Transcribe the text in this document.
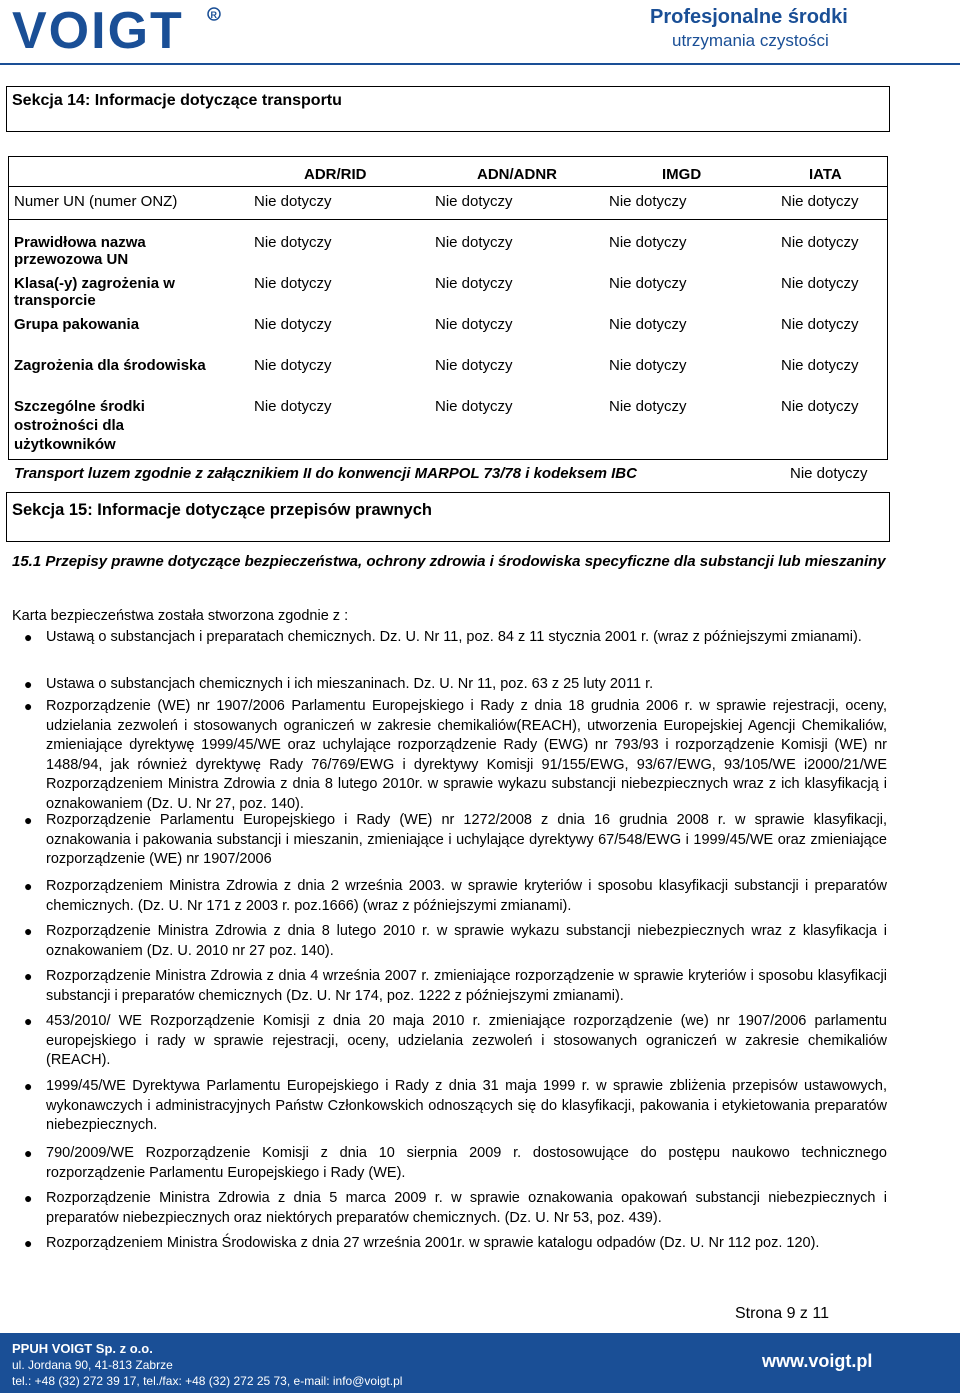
VOIGT	R	Profesjonalne środki
utrzymania czystości
Sekcja 14: Informacje dotyczące transportu
ADR/RID	ADN/ADNR	IMGD	IATA
Numer UN (numer ONZ)	Nie dotyczy	Nie dotyczy	Nie dotyczy	Nie dotyczy
Prawidłowa nazwa
przewozowa UN
Nie dotyczy	Nie dotyczy	Nie dotyczy	Nie dotyczy
Klasa(-y) zagrożenia w
transporcie
Nie dotyczy	Nie dotyczy	Nie dotyczy	Nie dotyczy
Grupa pakowania	Nie dotyczy	Nie dotyczy	Nie dotyczy	Nie dotyczy
Zagrożenia dla środowiska	Nie dotyczy	Nie dotyczy	Nie dotyczy	Nie dotyczy
Szczególne środki
ostrożności dla
użytkowników
Nie dotyczy	Nie dotyczy	Nie dotyczy	Nie dotyczy
Transport luzem zgodnie z załącznikiem II do konwencji MARPOL 73/78 i kodeksem IBC	Nie dotyczy
Sekcja 15: Informacje dotyczące przepisów prawnych
15.1 Przepisy prawne dotyczące bezpieczeństwa, ochrony zdrowia i środowiska specyficzne dla substancji lub mieszaniny
Karta bezpieczeństwa została stworzona zgodnie z :
● Ustawą o substancjach i preparatach chemicznych. Dz. U. Nr 11, poz. 84 z 11 stycznia 2001 r. (wraz z późniejszymi zmianami).
● Ustawa o substancjach chemicznych i ich mieszaninach. Dz. U. Nr 11, poz. 63 z 25 luty 2011 r.
● Rozporządzenie (WE) nr 1907/2006 Parlamentu Europejskiego i Rady z dnia 18 grudnia 2006 r. w sprawie rejestracji, oceny, udzielania zezwoleń i stosowanych ograniczeń w zakresie chemikaliów(REACH), utworzenia Europejskiej Agencji Chemikaliów, zmieniające dyrektywę 1999/45/WE oraz uchylające rozporządzenie Rady (EWG) nr 793/93 i rozporządzenie Komisji (WE) nr 1488/94, jak również dyrektywę Rady 76/769/EWG i dyrektywy Komisji 91/155/EWG, 93/67/EWG, 93/105/WE i2000/21/WE Rozporządzeniem Ministra Zdrowia z dnia 8 lutego 2010r. w sprawie wykazu substancji niebezpiecznych wraz z ich klasyfikacją i oznakowaniem (Dz. U. Nr 27, poz. 140).
● Rozporządzenie Parlamentu Europejskiego i Rady (WE) nr 1272/2008 z dnia 16 grudnia 2008 r. w sprawie klasyfikacji, oznakowania i pakowania substancji i mieszanin, zmieniające i uchylające dyrektywy 67/548/EWG i 1999/45/WE oraz zmieniające rozporządzenie (WE) nr 1907/2006
● Rozporządzeniem Ministra Zdrowia z dnia 2 września 2003. w sprawie kryteriów i sposobu klasyfikacji substancji i preparatów chemicznych. (Dz. U. Nr 171 z 2003 r. poz.1666) (wraz z późniejszymi zmianami).
● Rozporządzenie Ministra Zdrowia z dnia 8 lutego 2010 r. w sprawie wykazu substancji niebezpiecznych wraz z klasyfikacja i oznakowaniem (Dz. U. 2010 nr 27 poz. 140).
● Rozporządzenie Ministra Zdrowia z dnia 4 września 2007 r. zmieniające rozporządzenie w sprawie kryteriów i sposobu klasyfikacji substancji i preparatów chemicznych (Dz. U. Nr 174, poz. 1222 z późniejszymi zmianami).
● 453/2010/ WE Rozporządzenie Komisji z dnia 20 maja 2010 r. zmieniające rozporządzenie (we) nr 1907/2006 parlamentu europejskiego i rady w sprawie rejestracji, oceny, udzielania zezwoleń i stosowanych ograniczeń w zakresie chemikaliów (REACH).
● 1999/45/WE Dyrektywa Parlamentu Europejskiego i Rady z dnia 31 maja 1999 r. w sprawie zbliżenia przepisów ustawowych, wykonawczych i administracyjnych Państw Członkowskich odnoszących się do klasyfikacji, pakowania i etykietowania preparatów niebezpiecznych.
● 790/2009/WE Rozporządzenie Komisji z dnia 10 sierpnia 2009 r. dostosowujące do postępu naukowo technicznego rozporządzenie Parlamentu Europejskiego i Rady (WE).
● Rozporządzenie Ministra Zdrowia z dnia 5 marca 2009 r. w sprawie oznakowania opakowań substancji niebezpiecznych i preparatów niebezpiecznych oraz niektórych preparatów chemicznych. (Dz. U. Nr 53, poz. 439).
● Rozporządzeniem Ministra Środowiska z dnia 27 września 2001r. w sprawie katalogu odpadów (Dz. U. Nr 112 poz. 120).
Strona 9 z 11
PPUH VOIGT Sp. z o.o.
ul. Jordana 90, 41-813 Zabrze
tel.: +48 (32) 272 39 17, tel./fax: +48 (32) 272 25 73, e-mail: info@voigt.pl
www.voigt.pl
